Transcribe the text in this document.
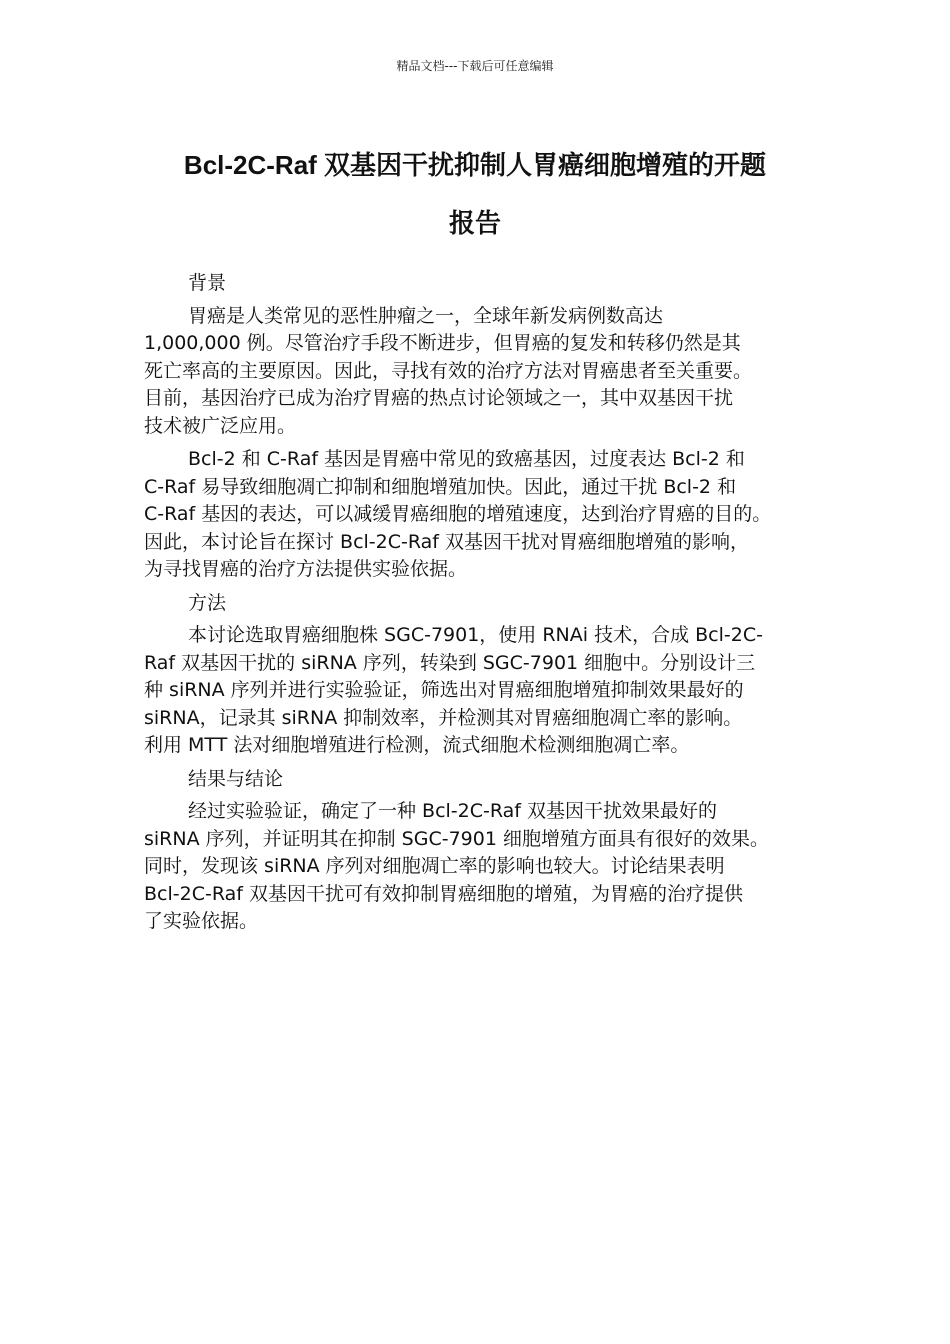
精品文档---下载后可任意编辑
Bcl-2C-Raf 双基因干扰抑制人胃癌细胞增殖的开题
报告

背景

胃癌是人类常见的恶性肿瘤之一，全球年新发病例数高达
1,000,000 例。尽管治疗手段不断进步，但胃癌的复发和转移仍然是其
死亡率高的主要原因。因此，寻找有效的治疗方法对胃癌患者至关重要。
目前，基因治疗已成为治疗胃癌的热点讨论领域之一，其中双基因干扰
技术被广泛应用。

Bcl-2 和 C-Raf 基因是胃癌中常见的致癌基因，过度表达 Bcl-2 和
C-Raf 易导致细胞凋亡抑制和细胞增殖加快。因此，通过干扰 Bcl-2 和
C-Raf 基因的表达，可以减缓胃癌细胞的增殖速度，达到治疗胃癌的目的。
因此，本讨论旨在探讨 Bcl-2C-Raf 双基因干扰对胃癌细胞增殖的影响，
为寻找胃癌的治疗方法提供实验依据。

方法

本讨论选取胃癌细胞株 SGC-7901，使用 RNAi 技术，合成 Bcl-2C-
Raf 双基因干扰的 siRNA 序列，转染到 SGC-7901 细胞中。分别设计三
种 siRNA 序列并进行实验验证，筛选出对胃癌细胞增殖抑制效果最好的
siRNA，记录其 siRNA 抑制效率，并检测其对胃癌细胞凋亡率的影响。
利用 MTT 法对细胞增殖进行检测，流式细胞术检测细胞凋亡率。

结果与结论

经过实验验证，确定了一种 Bcl-2C-Raf 双基因干扰效果最好的
siRNA 序列，并证明其在抑制 SGC-7901 细胞增殖方面具有很好的效果。
同时，发现该 siRNA 序列对细胞凋亡率的影响也较大。讨论结果表明
Bcl-2C-Raf 双基因干扰可有效抑制胃癌细胞的增殖，为胃癌的治疗提供
了实验依据。
